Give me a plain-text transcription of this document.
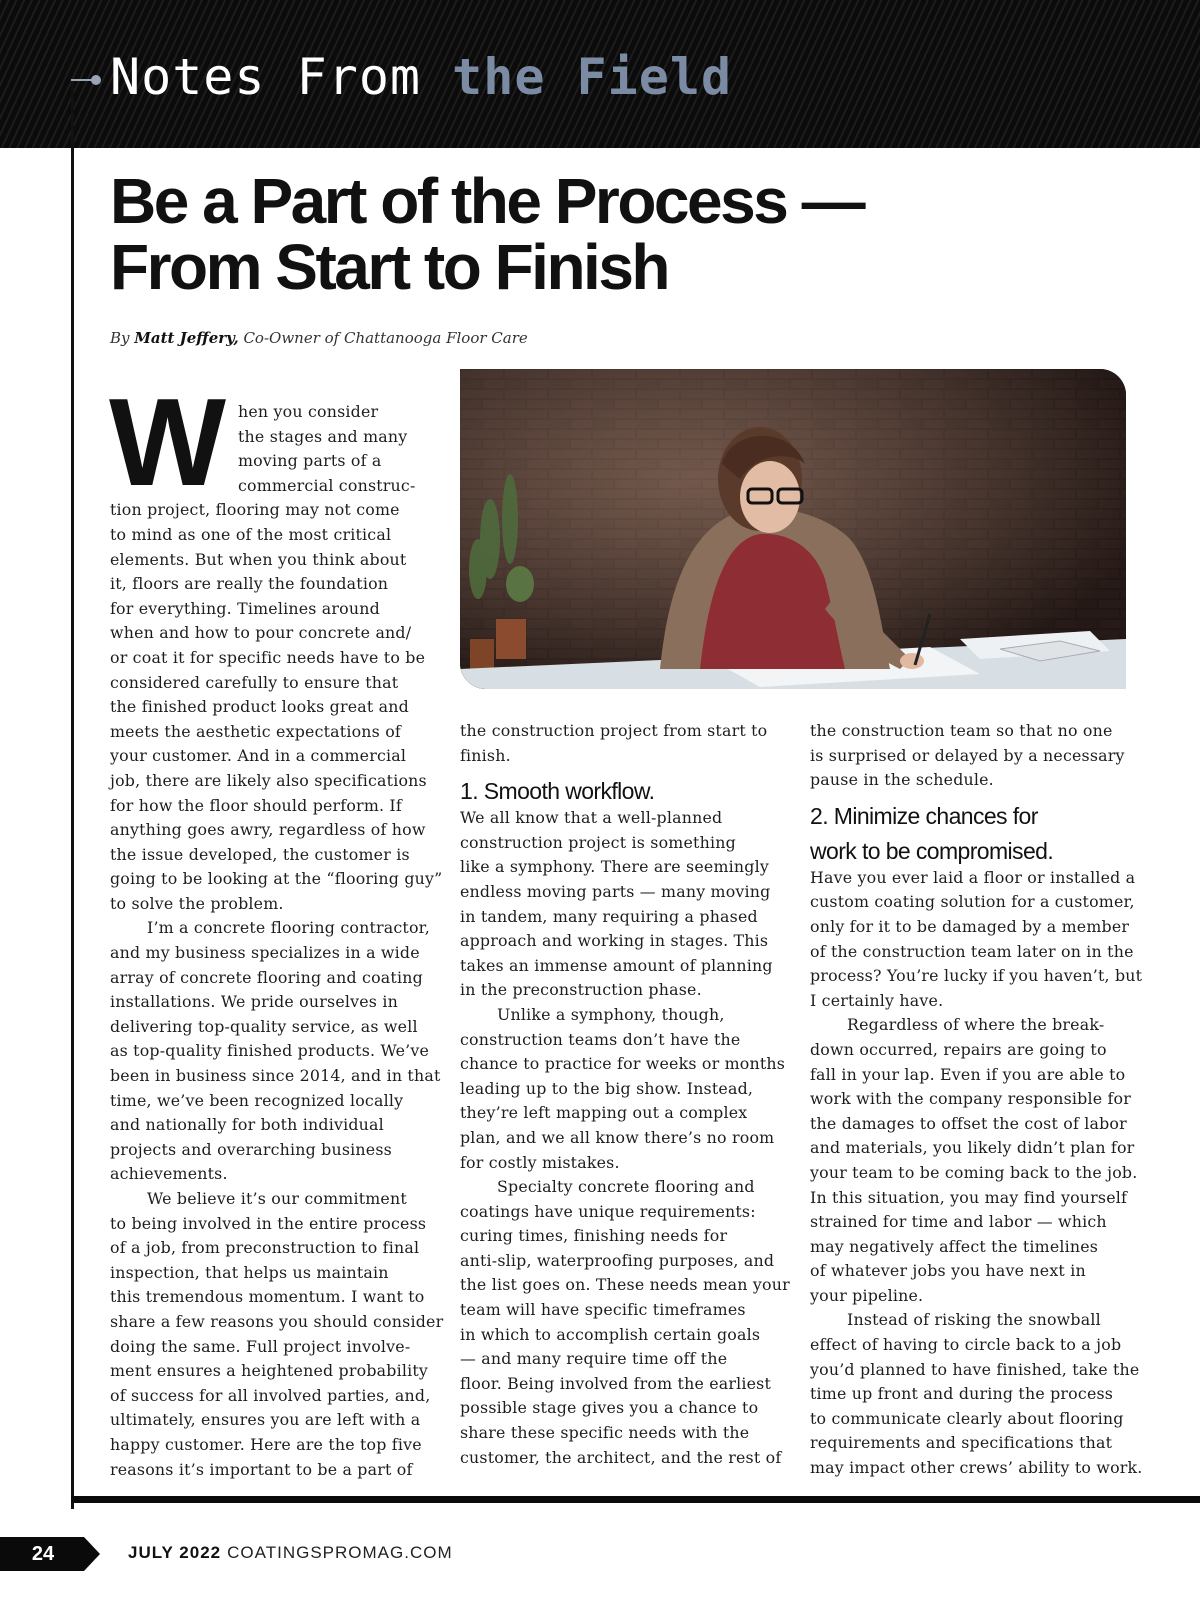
Notes From the Field
Be a Part of the Process —
From Start to Finish

By Matt Jeffery, Co-Owner of Chattanooga Floor Care

W	hen you consider
the stages and many
moving parts of a
commercial construc-
tion project, flooring may not come
to mind as one of the most critical
elements. But when you think about
it, floors are really the foundation
for everything. Timelines around
when and how to pour concrete and/
or coat it for specific needs have to be
considered carefully to ensure that
the finished product looks great and
meets the aesthetic expectations of
your customer. And in a commercial
job, there are likely also specifications
for how the floor should perform. If
anything goes awry, regardless of how
the issue developed, the customer is
going to be looking at the “flooring guy”
to solve the problem.
I’m a concrete flooring contractor,
and my business specializes in a wide
array of concrete flooring and coating
installations. We pride ourselves in
delivering top-quality service, as well
as top-quality finished products. We’ve
been in business since 2014, and in that
time, we’ve been recognized locally
and nationally for both individual
projects and overarching business
achievements.
We believe it’s our commitment
to being involved in the entire process
of a job, from preconstruction to final
inspection, that helps us maintain
this tremendous momentum. I want to
share a few reasons you should consider
doing the same. Full project involve-
ment ensures a heightened probability
of success for all involved parties, and,
ultimately, ensures you are left with a
happy customer. Here are the top five
reasons it’s important to be a part of
the construction project from start to
finish.
1. Smooth workflow.
We all know that a well-planned
construction project is something
like a symphony. There are seemingly
endless moving parts — many moving
in tandem, many requiring a phased
approach and working in stages. This
takes an immense amount of planning
in the preconstruction phase.
Unlike a symphony, though,
construction teams don’t have the
chance to practice for weeks or months
leading up to the big show. Instead,
they’re left mapping out a complex
plan, and we all know there’s no room
for costly mistakes.
Specialty concrete flooring and
coatings have unique requirements:
curing times, finishing needs for
anti-slip, waterproofing purposes, and
the list goes on. These needs mean your
team will have specific timeframes
in which to accomplish certain goals
— and many require time off the
floor. Being involved from the earliest
possible stage gives you a chance to
share these specific needs with the
customer, the architect, and the rest of
the construction team so that no one
is surprised or delayed by a necessary
pause in the schedule.
2. Minimize chances for
work to be compromised.
Have you ever laid a floor or installed a
custom coating solution for a customer,
only for it to be damaged by a member
of the construction team later on in the
process? You’re lucky if you haven’t, but
I certainly have.
Regardless of where the break-
down occurred, repairs are going to
fall in your lap. Even if you are able to
work with the company responsible for
the damages to offset the cost of labor
and materials, you likely didn’t plan for
your team to be coming back to the job.
In this situation, you may find yourself
strained for time and labor — which
may negatively affect the timelines
of whatever jobs you have next in
your pipeline.
Instead of risking the snowball
effect of having to circle back to a job
you’d planned to have finished, take the
time up front and during the process
to communicate clearly about flooring
requirements and specifications that
may impact other crews’ ability to work.
24	JULY 2022 COATINGSPROMAG.COM
